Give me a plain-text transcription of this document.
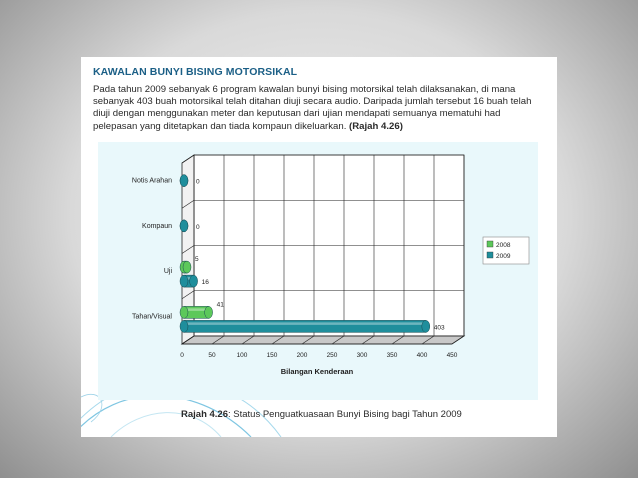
KAWALAN BUNYI BISING MOTORSIKAL
Pada tahun 2009 sebanyak 6 program kawalan bunyi bising motorsikal telah dilaksanakan, di mana sebanyak 403 buah motorsikal telah ditahan diuji secara audio. Daripada jumlah tersebut 16 buah telah diuji dengan menggunakan meter dan keputusan dari ujian mendapati semuanya mematuhi had pelepasan yang ditetapkan dan tiada kompaun dikeluarkan. (Rajah 4.26)
0	50	100	150	200	250	300	350	400	450
Bilangan Kenderaan
Notis Arahan
Kompaun
Uji
Tahan/Visual
0
0
5
16
41
403
2008
2009
Rajah 4.26: Status Penguatkuasaan Bunyi Bising bagi Tahun 2009
